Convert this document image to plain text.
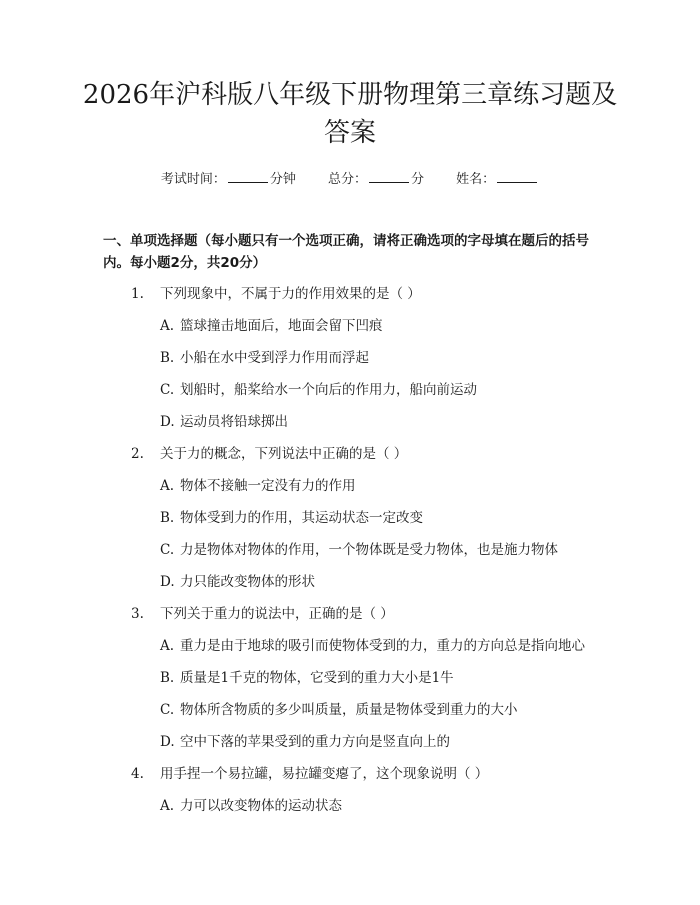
2026年沪科版八年级下册物理第三章练习题及答案
考试时间：	分钟 总分：	分 姓名：

一、单项选择题（每小题只有一个选项正确，请将正确选项的字母填在题后的括号内。每小题2分，共20分）

1. 下列现象中，不属于力的作用效果的是（ ）
A. 篮球撞击地面后，地面会留下凹痕
B. 小船在水中受到浮力作用而浮起
C. 划船时，船桨给水一个向后的作用力，船向前运动
D. 运动员将铅球掷出
2. 关于力的概念，下列说法中正确的是（ ）
A. 物体不接触一定没有力的作用
B. 物体受到力的作用，其运动状态一定改变
C. 力是物体对物体的作用，一个物体既是受力物体，也是施力物体
D. 力只能改变物体的形状
3. 下列关于重力的说法中，正确的是（ ）
A. 重力是由于地球的吸引而使物体受到的力，重力的方向总是指向地心
B. 质量是1千克的物体，它受到的重力大小是1牛
C. 物体所含物质的多少叫质量，质量是物体受到重力的大小
D. 空中下落的苹果受到的重力方向是竖直向上的
4. 用手捏一个易拉罐，易拉罐变瘪了，这个现象说明（ ）
A. 力可以改变物体的运动状态
